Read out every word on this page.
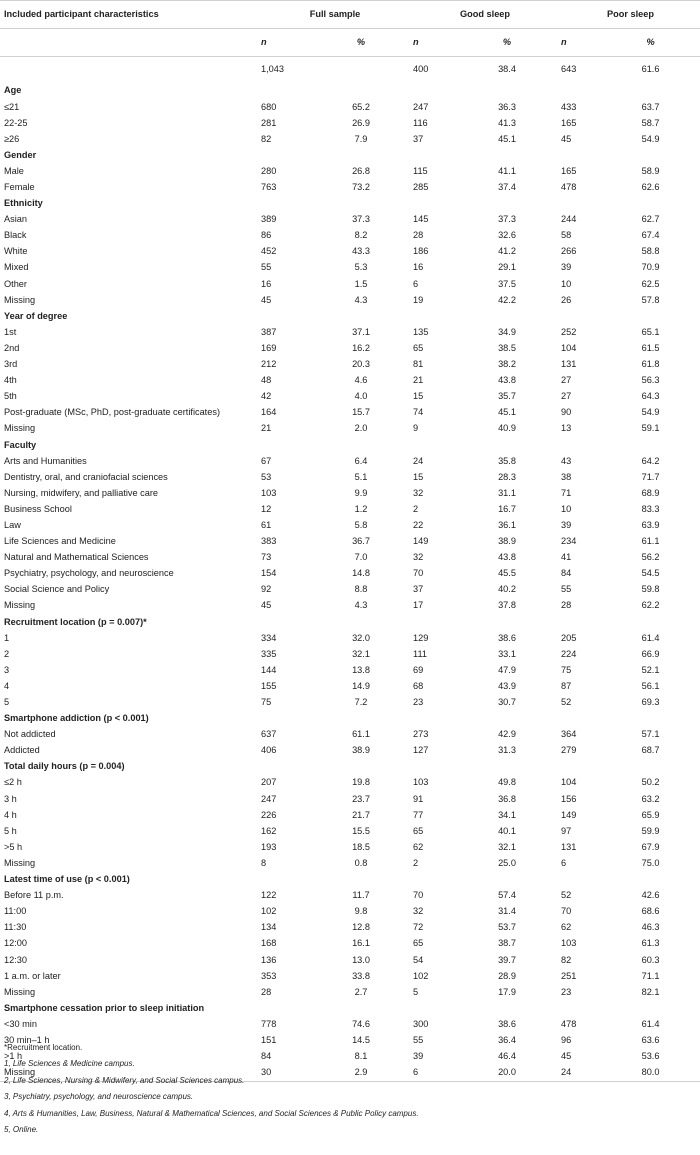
Included participant characteristics	Full sample		Good sleep		Poor sleep	
	n	%	n	%	n	%
	1,043		400	38.4	643	61.6
Age						
≤21	680	65.2	247	36.3	433	63.7
22-25	281	26.9	116	41.3	165	58.7
≥26	82	7.9	37	45.1	45	54.9
Gender						
Male	280	26.8	115	41.1	165	58.9
Female	763	73.2	285	37.4	478	62.6
Ethnicity						
Asian	389	37.3	145	37.3	244	62.7
Black	86	8.2	28	32.6	58	67.4
White	452	43.3	186	41.2	266	58.8
Mixed	55	5.3	16	29.1	39	70.9
Other	16	1.5	6	37.5	10	62.5
Missing	45	4.3	19	42.2	26	57.8
Year of degree						
1st	387	37.1	135	34.9	252	65.1
2nd	169	16.2	65	38.5	104	61.5
3rd	212	20.3	81	38.2	131	61.8
4th	48	4.6	21	43.8	27	56.3
5th	42	4.0	15	35.7	27	64.3
Post-graduate (MSc, PhD, post-graduate certificates)	164	15.7	74	45.1	90	54.9
Missing	21	2.0	9	40.9	13	59.1
Faculty						
Arts and Humanities	67	6.4	24	35.8	43	64.2
Dentistry, oral, and craniofacial sciences	53	5.1	15	28.3	38	71.7
Nursing, midwifery, and palliative care	103	9.9	32	31.1	71	68.9
Business School	12	1.2	2	16.7	10	83.3
Law	61	5.8	22	36.1	39	63.9
Life Sciences and Medicine	383	36.7	149	38.9	234	61.1
Natural and Mathematical Sciences	73	7.0	32	43.8	41	56.2
Psychiatry, psychology, and neuroscience	154	14.8	70	45.5	84	54.5
Social Science and Policy	92	8.8	37	40.2	55	59.8
Missing	45	4.3	17	37.8	28	62.2
Recruitment location (p = 0.007)*						
1	334	32.0	129	38.6	205	61.4
2	335	32.1	111	33.1	224	66.9
3	144	13.8	69	47.9	75	52.1
4	155	14.9	68	43.9	87	56.1
5	75	7.2	23	30.7	52	69.3
Smartphone addiction (p < 0.001)						
Not addicted	637	61.1	273	42.9	364	57.1
Addicted	406	38.9	127	31.3	279	68.7
Total daily hours (p = 0.004)						
≤2 h	207	19.8	103	49.8	104	50.2
3 h	247	23.7	91	36.8	156	63.2
4 h	226	21.7	77	34.1	149	65.9
5 h	162	15.5	65	40.1	97	59.9
>5 h	193	18.5	62	32.1	131	67.9
Missing	8	0.8	2	25.0	6	75.0
Latest time of use (p < 0.001)						
Before 11 p.m.	122	11.7	70	57.4	52	42.6
11:00	102	9.8	32	31.4	70	68.6
11:30	134	12.8	72	53.7	62	46.3
12:00	168	16.1	65	38.7	103	61.3
12:30	136	13.0	54	39.7	82	60.3
1 a.m. or later	353	33.8	102	28.9	251	71.1
Missing	28	2.7	5	17.9	23	82.1
Smartphone cessation prior to sleep initiation						
<30 min	778	74.6	300	38.6	478	61.4
30 min–1 h	151	14.5	55	36.4	96	63.6
>1 h	84	8.1	39	46.4	45	53.6
Missing	30	2.9	6	20.0	24	80.0
*Recruitment location.
1, Life Sciences & Medicine campus.
2, Life Sciences, Nursing & Midwifery, and Social Sciences campus.
3, Psychiatry, psychology, and neuroscience campus.
4, Arts & Humanities, Law, Business, Natural & Mathematical Sciences, and Social Sciences & Public Policy campus.
5, Online.
